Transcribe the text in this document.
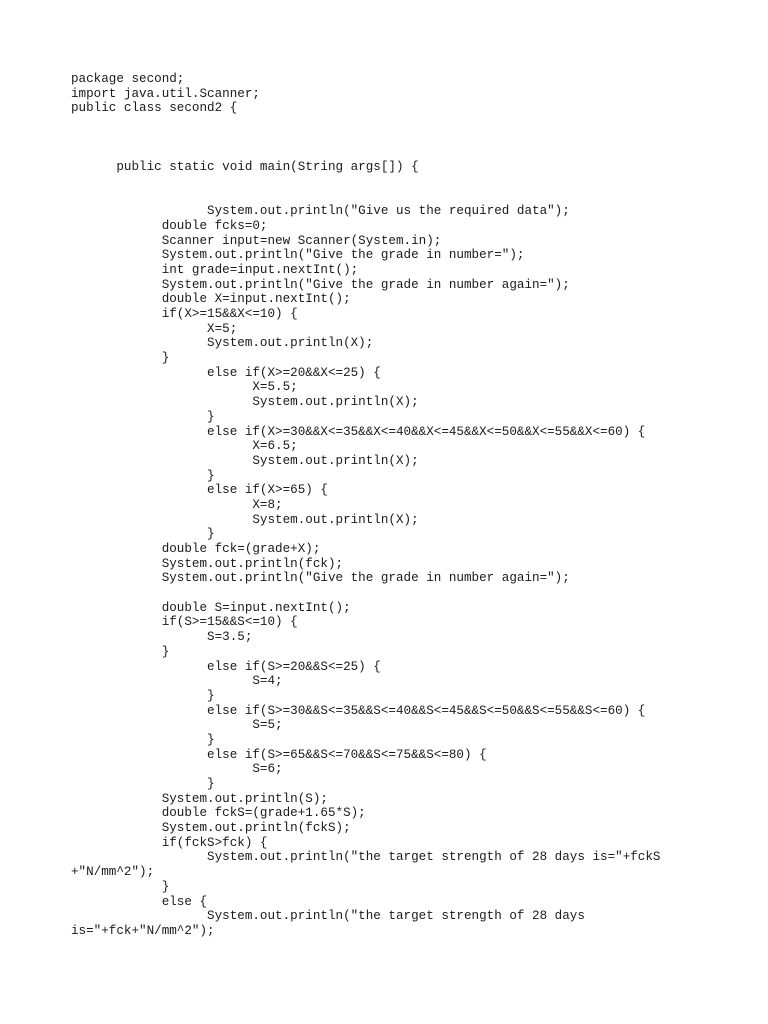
package second;
import java.util.Scanner;
public class second2 {
public static void main(String args[]) {
System.out.println("Give us the required data");
double fcks=0;
Scanner input=new Scanner(System.in);
System.out.println("Give the grade in number=");
int grade=input.nextInt();
System.out.println("Give the grade in number again=");
double X=input.nextInt();
if(X>=15&&X<=10) {
X=5;
System.out.println(X);
}
else if(X>=20&&X<=25) {
X=5.5;
System.out.println(X);
}
else if(X>=30&&X<=35&&X<=40&&X<=45&&X<=50&&X<=55&&X<=60) {
X=6.5;
System.out.println(X);
}
else if(X>=65) {
X=8;
System.out.println(X);
}
double fck=(grade+X);
System.out.println(fck);
System.out.println("Give the grade in number again=");
double S=input.nextInt();
if(S>=15&&S<=10) {
S=3.5;
}
else if(S>=20&&S<=25) {
S=4;
}
else if(S>=30&&S<=35&&S<=40&&S<=45&&S<=50&&S<=55&&S<=60) {
S=5;
}
else if(S>=65&&S<=70&&S<=75&&S<=80) {
S=6;
}
System.out.println(S);
double fckS=(grade+1.65*S);
System.out.println(fckS);
if(fckS>fck) {
System.out.println("the target strength of 28 days is="+fckS
+"N/mm^2");
}
else {
System.out.println("the target strength of 28 days
is="+fck+"N/mm^2");
